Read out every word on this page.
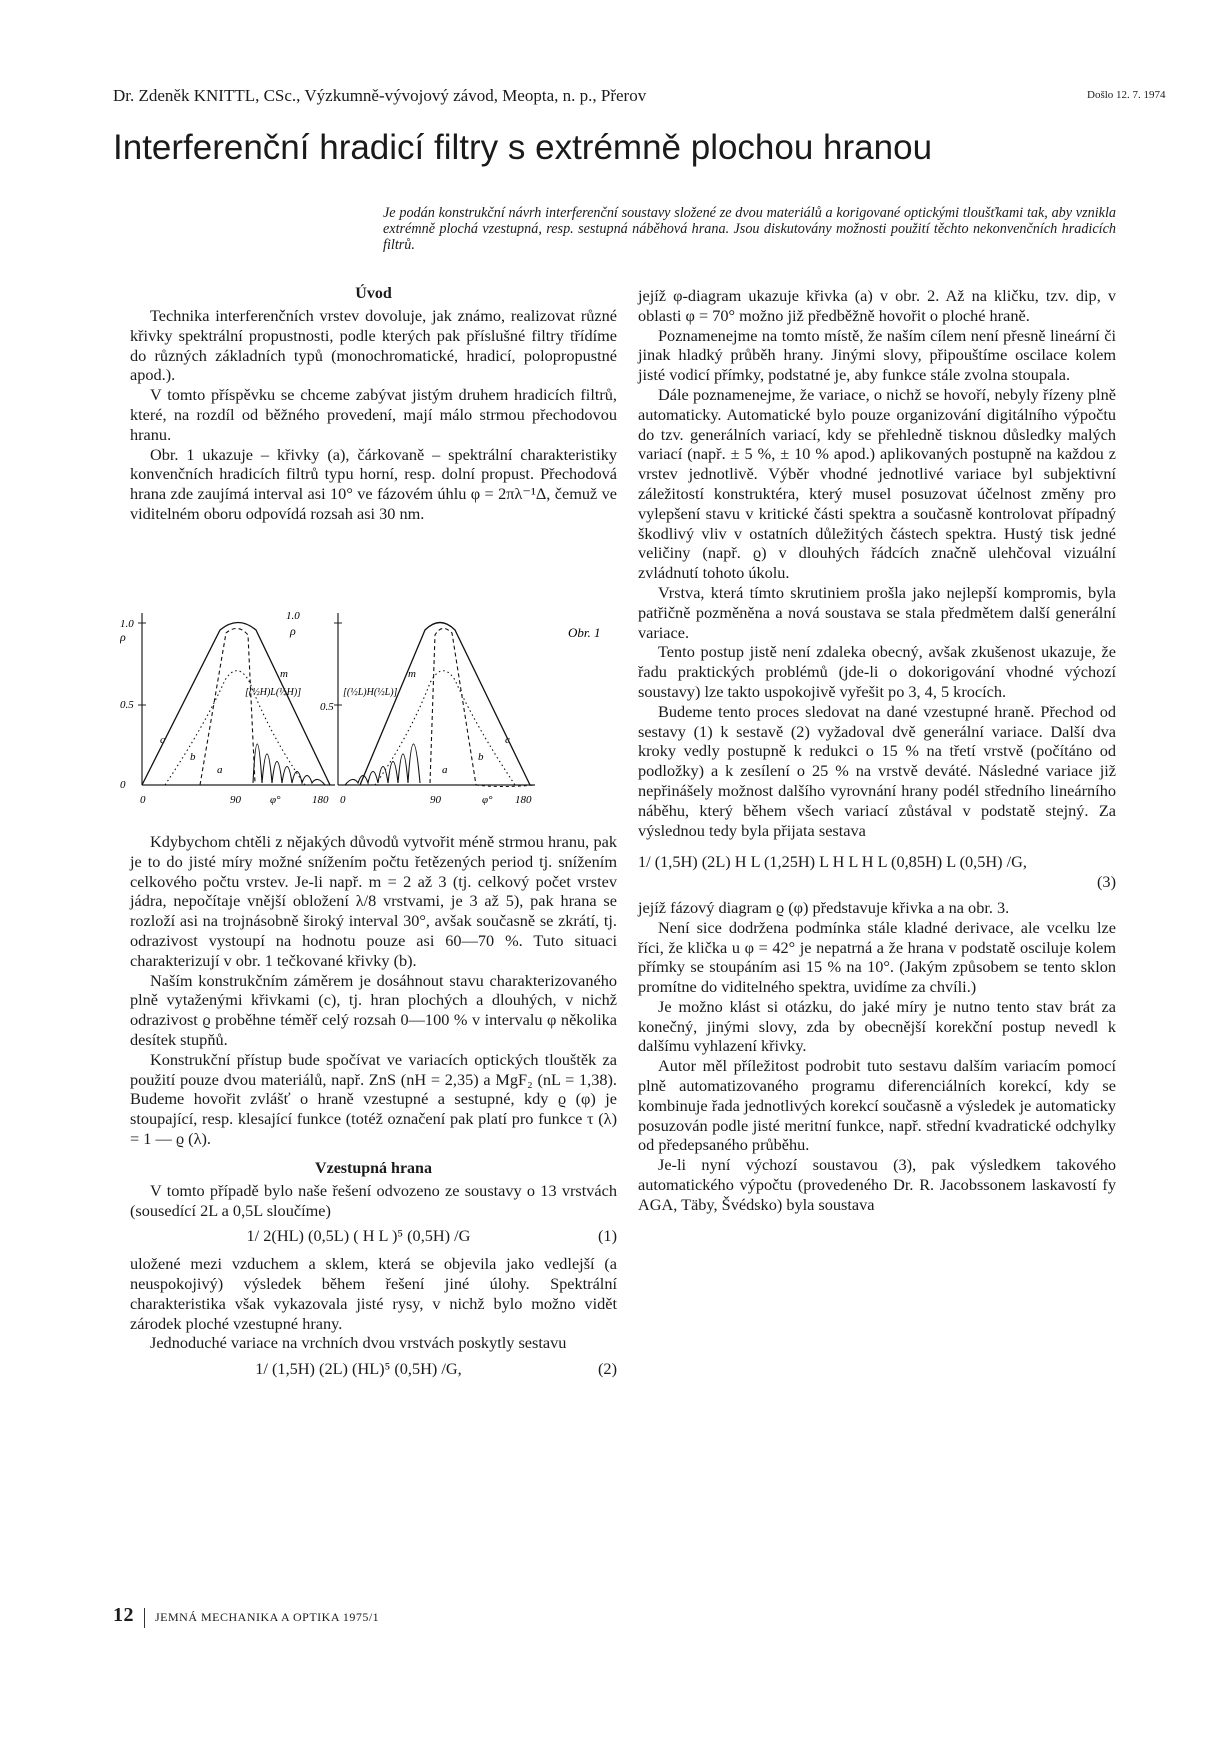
Dr. Zdeněk KNITTL, CSc., Výzkumně-vývojový závod, Meopta, n. p., Přerov	Došlo 12. 7. 1974
Interferenční hradicí filtry s extrémně plochou hranou
Je podán konstrukční návrh interferenční soustavy složené ze dvou materiálů a korigované optickými tloušťkami tak, aby vznikla extrémně plochá vzestupná, resp. sestupná náběhová hrana. Jsou diskutovány možnosti použití těchto nekonvenčních hradicích filtrů.
Úvod

Technika interferenčních vrstev dovoluje, jak známo, realizovat různé křivky spektrální propustnosti, podle kterých pak příslušné filtry třídíme do různých základních typů (monochromatické, hradicí, polopropustné apod.).

V tomto příspěvku se chceme zabývat jistým druhem hradicích filtrů, které, na rozdíl od běžného provedení, mají málo strmou přechodovou hranu.

Obr. 1 ukazuje – křivky (a), čárkovaně – spektrální charakteristiky konvenčních hradicích filtrů typu horní, resp. dolní propust. Přechodová hrana zde zaujímá interval asi 10° ve fázovém úhlu φ = 2πλ⁻¹Δ, čemuž ve viditelném oboru odpovídá rozsah asi 30 nm.

1.0
ρ
0.5
0
1.0
ρ
0.5
[(½H)L(½H)]	[(½L)H(½L)]
m	m
c
b
a
c
b
a
0	90	φ°	180 0	90	φ° 180
Obr. 1

Kdybychom chtěli z nějakých důvodů vytvořit méně strmou hranu, pak je to do jisté míry možné snížením počtu řetězených period tj. snížením celkového počtu vrstev. Je-li např. m = 2 až 3 (tj. celkový počet vrstev jádra, nepočítaje vnější obložení λ/8 vrstvami, je 3 až 5), pak hrana se rozloží asi na trojnásobně široký interval 30°, avšak současně se zkrátí, tj. odrazivost vystoupí na hodnotu pouze asi 60—70 %. Tuto situaci charakterizují v obr. 1 tečkované křivky (b).

Naším konstrukčním záměrem je dosáhnout stavu charakterizovaného plně vytaženými křivkami (c), tj. hran plochých a dlouhých, v nichž odrazivost ϱ proběhne téměř celý rozsah 0—100 % v intervalu φ několika desítek stupňů.

Konstrukční přístup bude spočívat ve variacích optických tlouštěk za použití pouze dvou materiálů, např. ZnS (nH = 2,35) a MgF₂ (nL = 1,38). Budeme hovořit zvlášť o hraně vzestupné a sestupné, kdy ϱ (φ) je stoupající, resp. klesající funkce (totéž označení pak platí pro funkce τ (λ) = 1 — ϱ (λ).

Vzestupná hrana

V tomto případě bylo naše řešení odvozeno ze soustavy o 13 vrstvách (sousedící 2L a 0,5L sloučíme)

1/ 2(HL) (0,5L) ( H L )⁵ (0,5H) /G	(1)

uložené mezi vzduchem a sklem, která se objevila jako vedlejší (a neuspokojivý) výsledek během řešení jiné úlohy. Spektrální charakteristika však vykazovala jisté rysy, v nichž bylo možno vidět zárodek ploché vzestupné hrany.

Jednoduché variace na vrchních dvou vrstvách poskytly sestavu

1/ (1,5H) (2L) (HL)⁵ (0,5H) /G,	(2)

jejíž φ-diagram ukazuje křivka (a) v obr. 2. Až na kličku, tzv. dip, v oblasti φ = 70° možno již předběžně hovořit o ploché hraně.

Poznamenejme na tomto místě, že naším cílem není přesně lineární či jinak hladký průběh hrany. Jinými slovy, připouštíme oscilace kolem jisté vodicí přímky, podstatné je, aby funkce stále zvolna stoupala.

Dále poznamenejme, že variace, o nichž se hovoří, nebyly řízeny plně automaticky. Automatické bylo pouze organizování digitálního výpočtu do tzv. generálních variací, kdy se přehledně tisknou důsledky malých variací (např. ± 5 %, ± 10 % apod.) aplikovaných postupně na každou z vrstev jednotlivě. Výběr vhodné jednotlivé variace byl subjektivní záležitostí konstruktéra, který musel posuzovat účelnost změny pro vylepšení stavu v kritické části spektra a současně kontrolovat případný škodlivý vliv v ostatních důležitých částech spektra. Hustý tisk jedné veličiny (např. ϱ) v dlouhých řádcích značně ulehčoval vizuální zvládnutí tohoto úkolu.

Vrstva, která tímto skrutiniem prošla jako nejlepší kompromis, byla patřičně pozměněna a nová soustava se stala předmětem další generální variace.

Tento postup jistě není zdaleka obecný, avšak zkušenost ukazuje, že řadu praktických problémů (jde-li o dokorigování vhodné výchozí soustavy) lze takto uspokojivě vyřešit po 3, 4, 5 krocích.

Budeme tento proces sledovat na dané vzestupné hraně. Přechod od sestavy (1) k sestavě (2) vyžadoval dvě generální variace. Další dva kroky vedly postupně k redukci o 15 % na třetí vrstvě (počítáno od podložky) a k zesílení o 25 % na vrstvě deváté. Následné variace již nepřinášely možnost dalšího vyrovnání hrany podél středního lineárního náběhu, který během všech variací zůstával v podstatě stejný. Za výslednou tedy byla přijata sestava

1/ (1,5H) (2L) H L (1,25H) L H L H L (0,85H) L (0,5H) /G,
(3)

jejíž fázový diagram ϱ (φ) představuje křivka a na obr. 3.

Není sice dodržena podmínka stále kladné derivace, ale vcelku lze říci, že klička u φ = 42° je nepatrná a že hrana v podstatě osciluje kolem přímky se stoupáním asi 15 % na 10°. (Jakým způsobem se tento sklon promítne do viditelného spektra, uvidíme za chvíli.)

Je možno klást si otázku, do jaké míry je nutno tento stav brát za konečný, jinými slovy, zda by obecnější korekční postup nevedl k dalšímu vyhlazení křivky.

Autor měl příležitost podrobit tuto sestavu dalším variacím pomocí plně automatizovaného programu diferenciálních korekcí, kdy se kombinuje řada jednotlivých korekcí současně a výsledek je automaticky posuzován podle jisté meritní funkce, např. střední kvadratické odchylky od předepsaného průběhu.

Je-li nyní výchozí soustavou (3), pak výsledkem takového automatického výpočtu (provedeného Dr. R. Jacobssonem laskavostí fy AGA, Täby, Švédsko) byla soustava

12 JEMNÁ MECHANIKA A OPTIKA 1975/1
